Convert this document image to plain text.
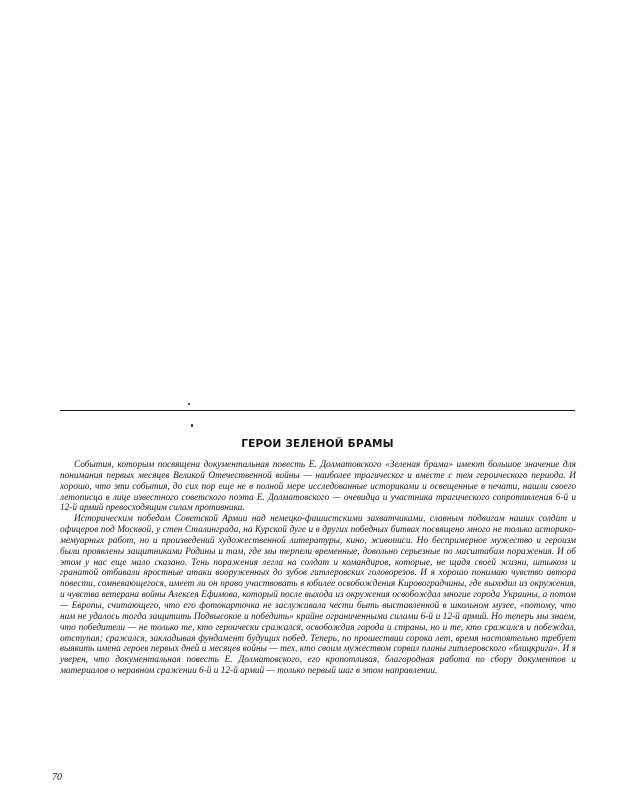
ГЕРОИ ЗЕЛЕНОЙ БРАМЫ

События, которым посвящена документальная повесть Е. Долматовского «Зеленая брама» имеют большое значение для понимания первых месяцев Великой Отечественной войны — наиболее трагическог и вместе с тем героического периода. И хорошо, что эти события, до сих пор еще не в полной мере исследованные историками и освещенные в печати, нашли своего летописца в лице известного советского поэта Е. Долматовского — очевидца и участника трагического сопротивления 6-й и 12-й армий превосходящим силам противника.

Историческим победам Советской Армии над немецко-фашистскими захватчиками, славным подвигам наших солдат и офицеров под Москвой, у стен Сталинграда, на Курской дуге и в других победных битвах посвящено много не только историко-мемуарных работ, но и произведений художественной литературы, кино, живописи. Но беспримерное мужество и героизм были проявлены защитниками Родины и там, где мы терпели временные, довольно серьезные по масштабам поражения. И об этом у нас еще мало сказано. Тень поражения легла на солдат и командиров, которые, не щадя своей жизни, штыком и гранатой отбивали яростные атаки вооруженных до зубов гитлеровских головорезов. И я хорошо понимаю чувство автора повести, сомневающегося, имеет ли он право участвовать в юбилее освобождения Кировоградчины, где выходил из окружения, и чувства ветерана войны Алексея Ефимова, который после выхода из окружения освобождал многие города Украины, а потом — Европы, считающего, что его фотокарточка не заслуживала чести быть выставленной в школьном музее, «потому, что нам не удалось тогда защитить Подвысокое и победить» крайне ограниченными силами 6-й и 12-й армий. Но теперь мы знаем, что победители — не только те, кто героически сражался, освобождая города и страны, но и те, кто сражался и побеждал, отступая; сражался, закладывая фундамент будущих побед. Теперь, по прошествии сорока лет, время настоятельно требует выявить имена героев первых дней и месяцев войны — тех, кто своим мужеством сорвал планы гитлеровского «блицкрига». И я уверен, что документальная повесть Е. Долматовского, его кропотливая, благородная работа по сбору документов и материалов о неравном сражении 6-й и 12-й армий — только первый шаг в этом направлении.

70
